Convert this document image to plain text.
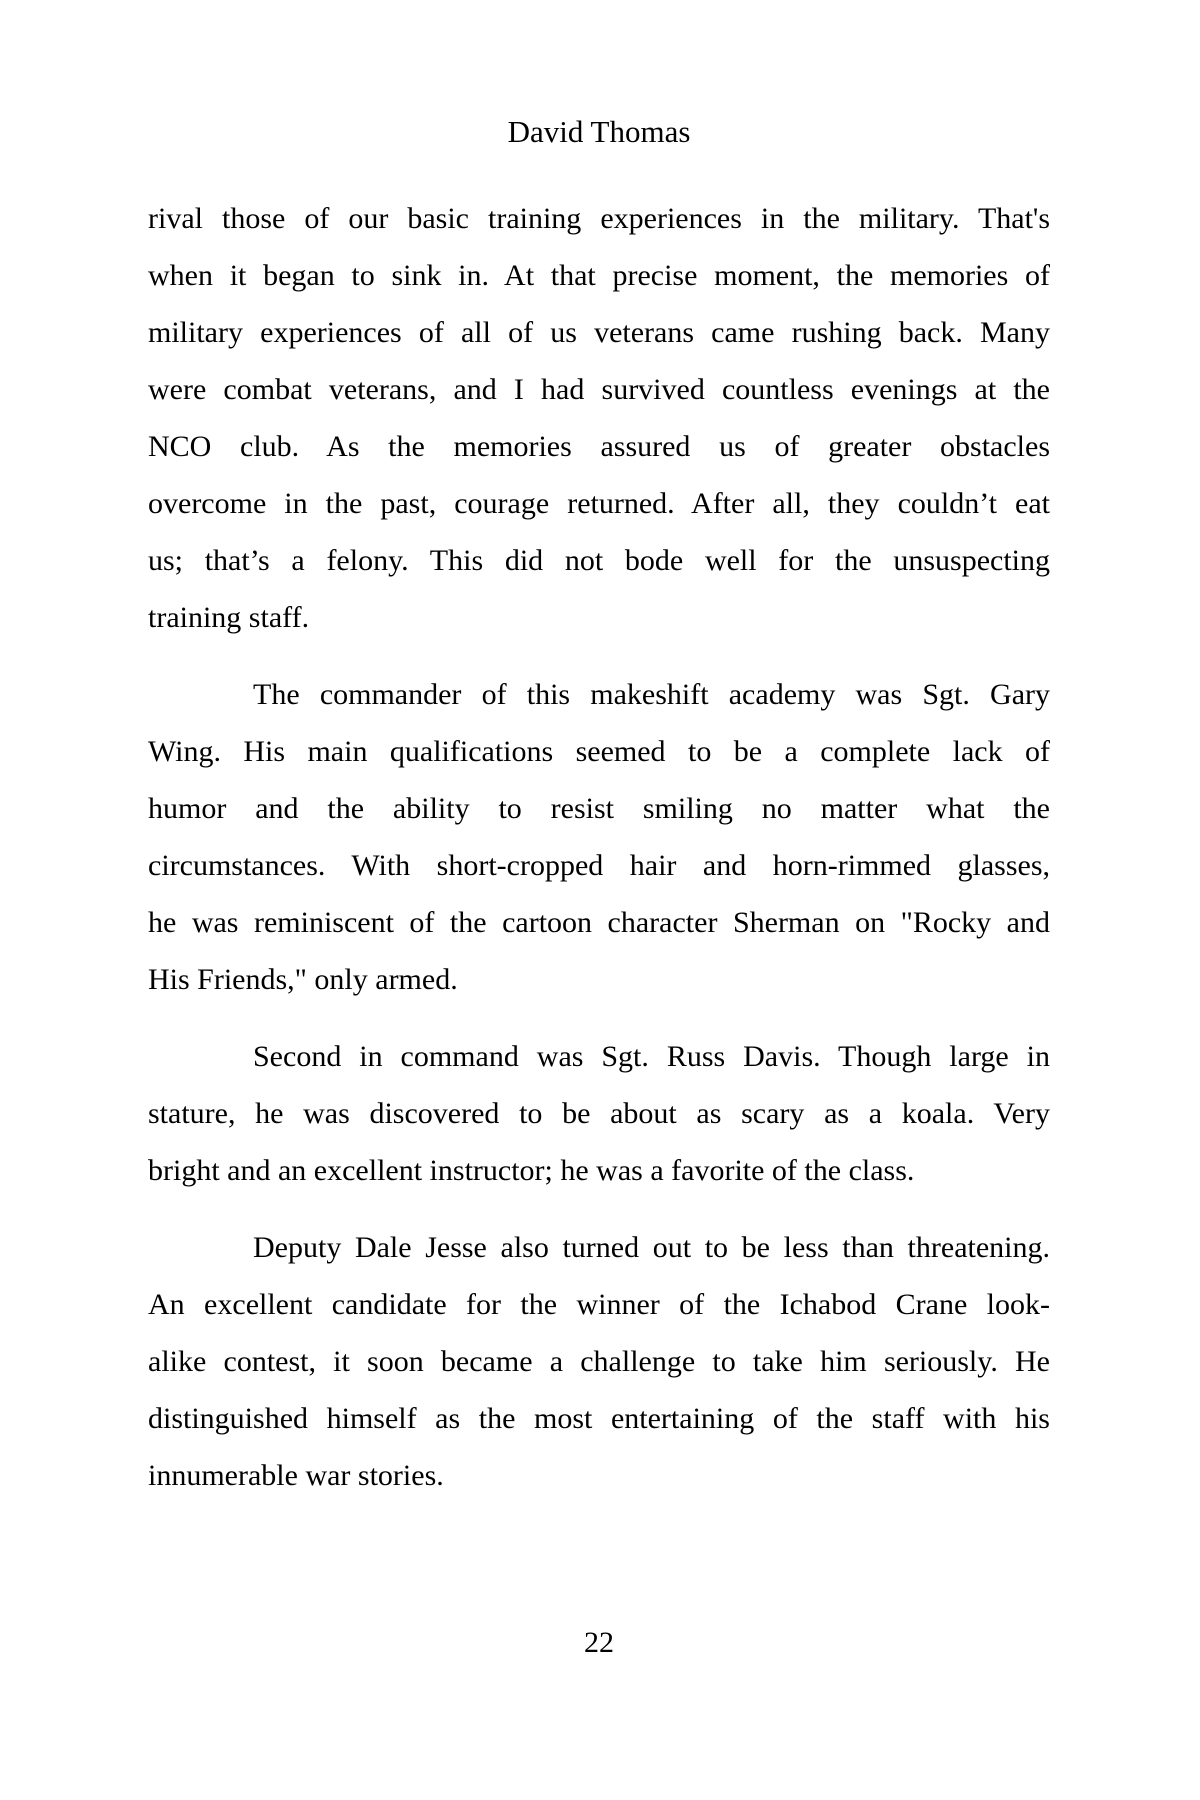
David Thomas

rival those of our basic training experiences in the military. That's
when it began to sink in. At that precise moment, the memories of
military experiences of all of us veterans came rushing back. Many
were combat veterans, and I had survived countless evenings at the
NCO club. As the memories assured us of greater obstacles
overcome in the past, courage returned. After all, they couldn’t eat
us; that’s a felony. This did not bode well for the unsuspecting
training staff.

The commander of this makeshift academy was Sgt. Gary
Wing. His main qualifications seemed to be a complete lack of
humor and the ability to resist smiling no matter what the
circumstances. With short-cropped hair and horn-rimmed glasses,
he was reminiscent of the cartoon character Sherman on "Rocky and
His Friends," only armed.

Second in command was Sgt. Russ Davis. Though large in
stature, he was discovered to be about as scary as a koala. Very
bright and an excellent instructor; he was a favorite of the class.

Deputy Dale Jesse also turned out to be less than threatening.
An excellent candidate for the winner of the Ichabod Crane look-
alike contest, it soon became a challenge to take him seriously. He
distinguished himself as the most entertaining of the staff with his
innumerable war stories.

22
